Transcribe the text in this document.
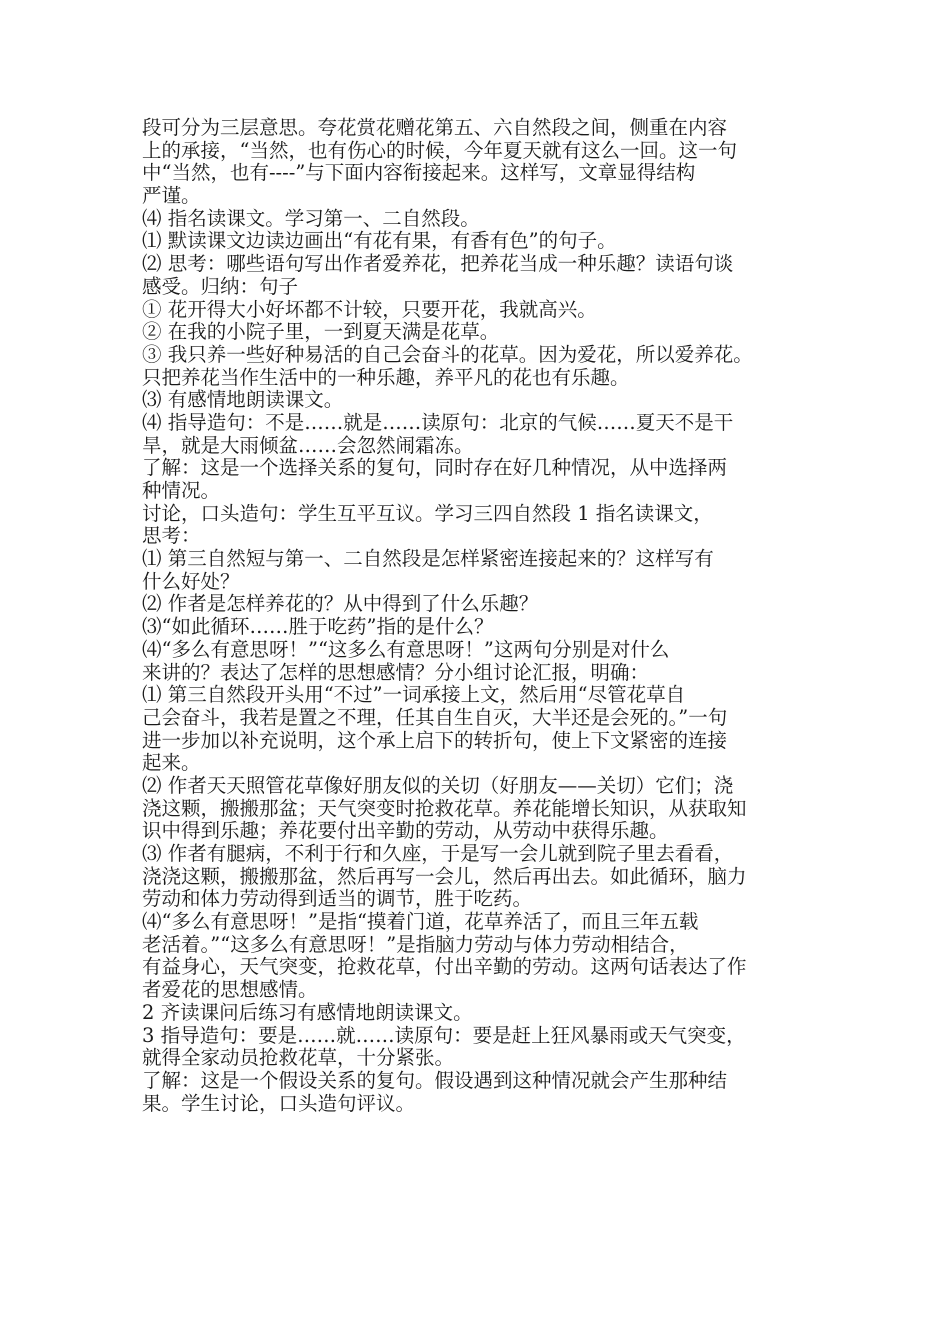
段可分为三层意思。夸花赏花赠花第五、六自然段之间，侧重在内容
上的承接，“当然，也有伤心的时候，今年夏天就有这么一回。这一句
中“当然，也有----”与下面内容衔接起来。这样写，文章显得结构
严谨。
⑷ 指名读课文。学习第一、二自然段。
⑴ 默读课文边读边画出“有花有果，有香有色”的句子。
⑵ 思考：哪些语句写出作者爱养花，把养花当成一种乐趣？读语句谈
感受。归纳：句子
① 花开得大小好坏都不计较，只要开花，我就高兴。
② 在我的小院子里，一到夏天满是花草。
③ 我只养一些好种易活的自己会奋斗的花草。因为爱花，所以爱养花。
只把养花当作生活中的一种乐趣，养平凡的花也有乐趣。
⑶ 有感情地朗读课文。
⑷ 指导造句：不是……就是……读原句：北京的气候……夏天不是干
旱，就是大雨倾盆……会忽然闹霜冻。
了解：这是一个选择关系的复句，同时存在好几种情况，从中选择两
种情况。
讨论，口头造句：学生互平互议。学习三四自然段 1 指名读课文，
思考：
⑴ 第三自然短与第一、二自然段是怎样紧密连接起来的？这样写有
什么好处？
⑵ 作者是怎样养花的？从中得到了什么乐趣？
⑶“如此循环……胜于吃药”指的是什么？
⑷“多么有意思呀！”“这多么有意思呀！”这两句分别是对什么
来讲的？表达了怎样的思想感情？分小组讨论汇报，明确：
⑴ 第三自然段开头用“不过”一词承接上文，然后用“尽管花草自
己会奋斗，我若是置之不理，任其自生自灭，大半还是会死的。”一句
进一步加以补充说明，这个承上启下的转折句，使上下文紧密的连接
起来。
⑵ 作者天天照管花草像好朋友似的关切（好朋友——关切）它们；浇
浇这颗，搬搬那盆；天气突变时抢救花草。养花能增长知识，从获取知
识中得到乐趣；养花要付出辛勤的劳动，从劳动中获得乐趣。
⑶ 作者有腿病，不利于行和久座，于是写一会儿就到院子里去看看，
浇浇这颗，搬搬那盆，然后再写一会儿，然后再出去。如此循环，脑力
劳动和体力劳动得到适当的调节，胜于吃药。
⑷“多么有意思呀！”是指“摸着门道，花草养活了，而且三年五载
老活着。”“这多么有意思呀！”是指脑力劳动与体力劳动相结合，
有益身心，天气突变，抢救花草，付出辛勤的劳动。这两句话表达了作
者爱花的思想感情。
2 齐读课问后练习有感情地朗读课文。
3 指导造句：要是……就……读原句：要是赶上狂风暴雨或天气突变，
就得全家动员抢救花草，十分紧张。
了解：这是一个假设关系的复句。假设遇到这种情况就会产生那种结
果。学生讨论，口头造句评议。
